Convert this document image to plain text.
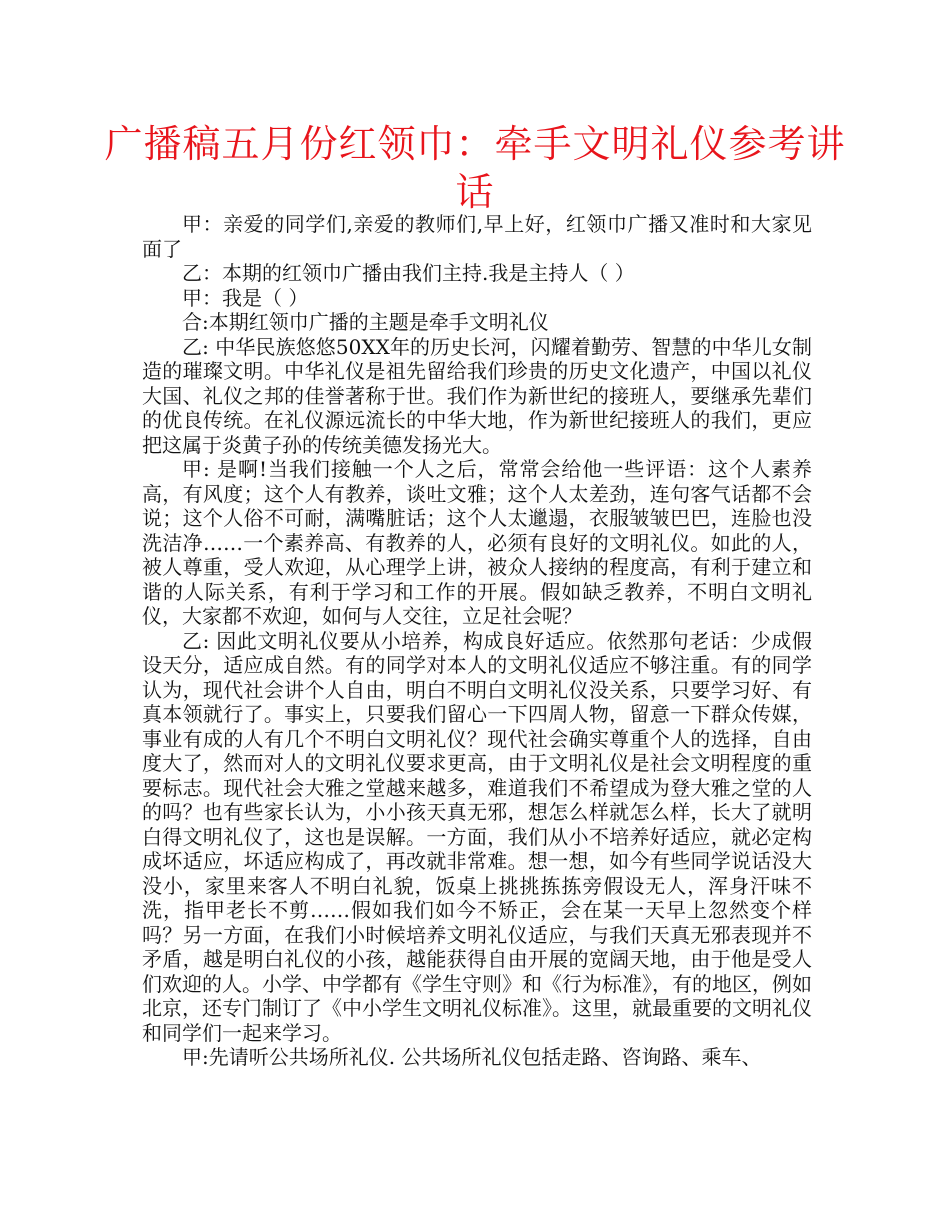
广播稿五月份红领巾：牵手文明礼仪参考讲话

甲：亲爱的同学们,亲爱的教师们,早上好，红领巾广播又准时和大家见面了

乙：本期的红领巾广播由我们主持.我是主持人（ ）

甲：我是（ ）

合:本期红领巾广播的主题是牵手文明礼仪

乙: 中华民族悠悠50XX年的历史长河，闪耀着勤劳、智慧的中华儿女制造的璀璨文明。中华礼仪是祖先留给我们珍贵的历史文化遗产，中国以礼仪大国、礼仪之邦的佳誉著称于世。我们作为新世纪的接班人，要继承先辈们的优良传统。在礼仪源远流长的中华大地，作为新世纪接班人的我们，更应把这属于炎黄子孙的传统美德发扬光大。

甲: 是啊!当我们接触一个人之后，常常会给他一些评语：这个人素养高，有风度；这个人有教养，谈吐文雅；这个人太差劲，连句客气话都不会说；这个人俗不可耐，满嘴脏话；这个人太邋遢，衣服皱皱巴巴，连脸也没洗洁净……一个素养高、有教养的人，必须有良好的文明礼仪。如此的人，被人尊重，受人欢迎，从心理学上讲，被众人接纳的程度高，有利于建立和谐的人际关系，有利于学习和工作的开展。假如缺乏教养，不明白文明礼仪，大家都不欢迎，如何与人交往，立足社会呢？

乙: 因此文明礼仪要从小培养，构成良好适应。依然那句老话：少成假设天分，适应成自然。有的同学对本人的文明礼仪适应不够注重。有的同学认为，现代社会讲个人自由，明白不明白文明礼仪没关系，只要学习好、有真本领就行了。事实上，只要我们留心一下四周人物，留意一下群众传媒，事业有成的人有几个不明白文明礼仪？现代社会确实尊重个人的选择，自由度大了，然而对人的文明礼仪要求更高，由于文明礼仪是社会文明程度的重要标志。现代社会大雅之堂越来越多，难道我们不希望成为登大雅之堂的人的吗？也有些家长认为，小小孩天真无邪，想怎么样就怎么样，长大了就明白得文明礼仪了，这也是误解。一方面，我们从小不培养好适应，就必定构成坏适应，坏适应构成了，再改就非常难。想一想，如今有些同学说话没大没小，家里来客人不明白礼貌，饭桌上挑挑拣拣旁假设无人，浑身汗味不洗，指甲老长不剪……假如我们如今不矫正，会在某一天早上忽然变个样吗？另一方面，在我们小时候培养文明礼仪适应，与我们天真无邪表现并不矛盾，越是明白礼仪的小孩，越能获得自由开展的宽阔天地，由于他是受人们欢迎的人。小学、中学都有《学生守则》和《行为标准》，有的地区，例如北京，还专门制订了《中小学生文明礼仪标准》。这里，就最重要的文明礼仪和同学们一起来学习。

甲:先请听公共场所礼仪. 公共场所礼仪包括走路、咨询路、乘车、
